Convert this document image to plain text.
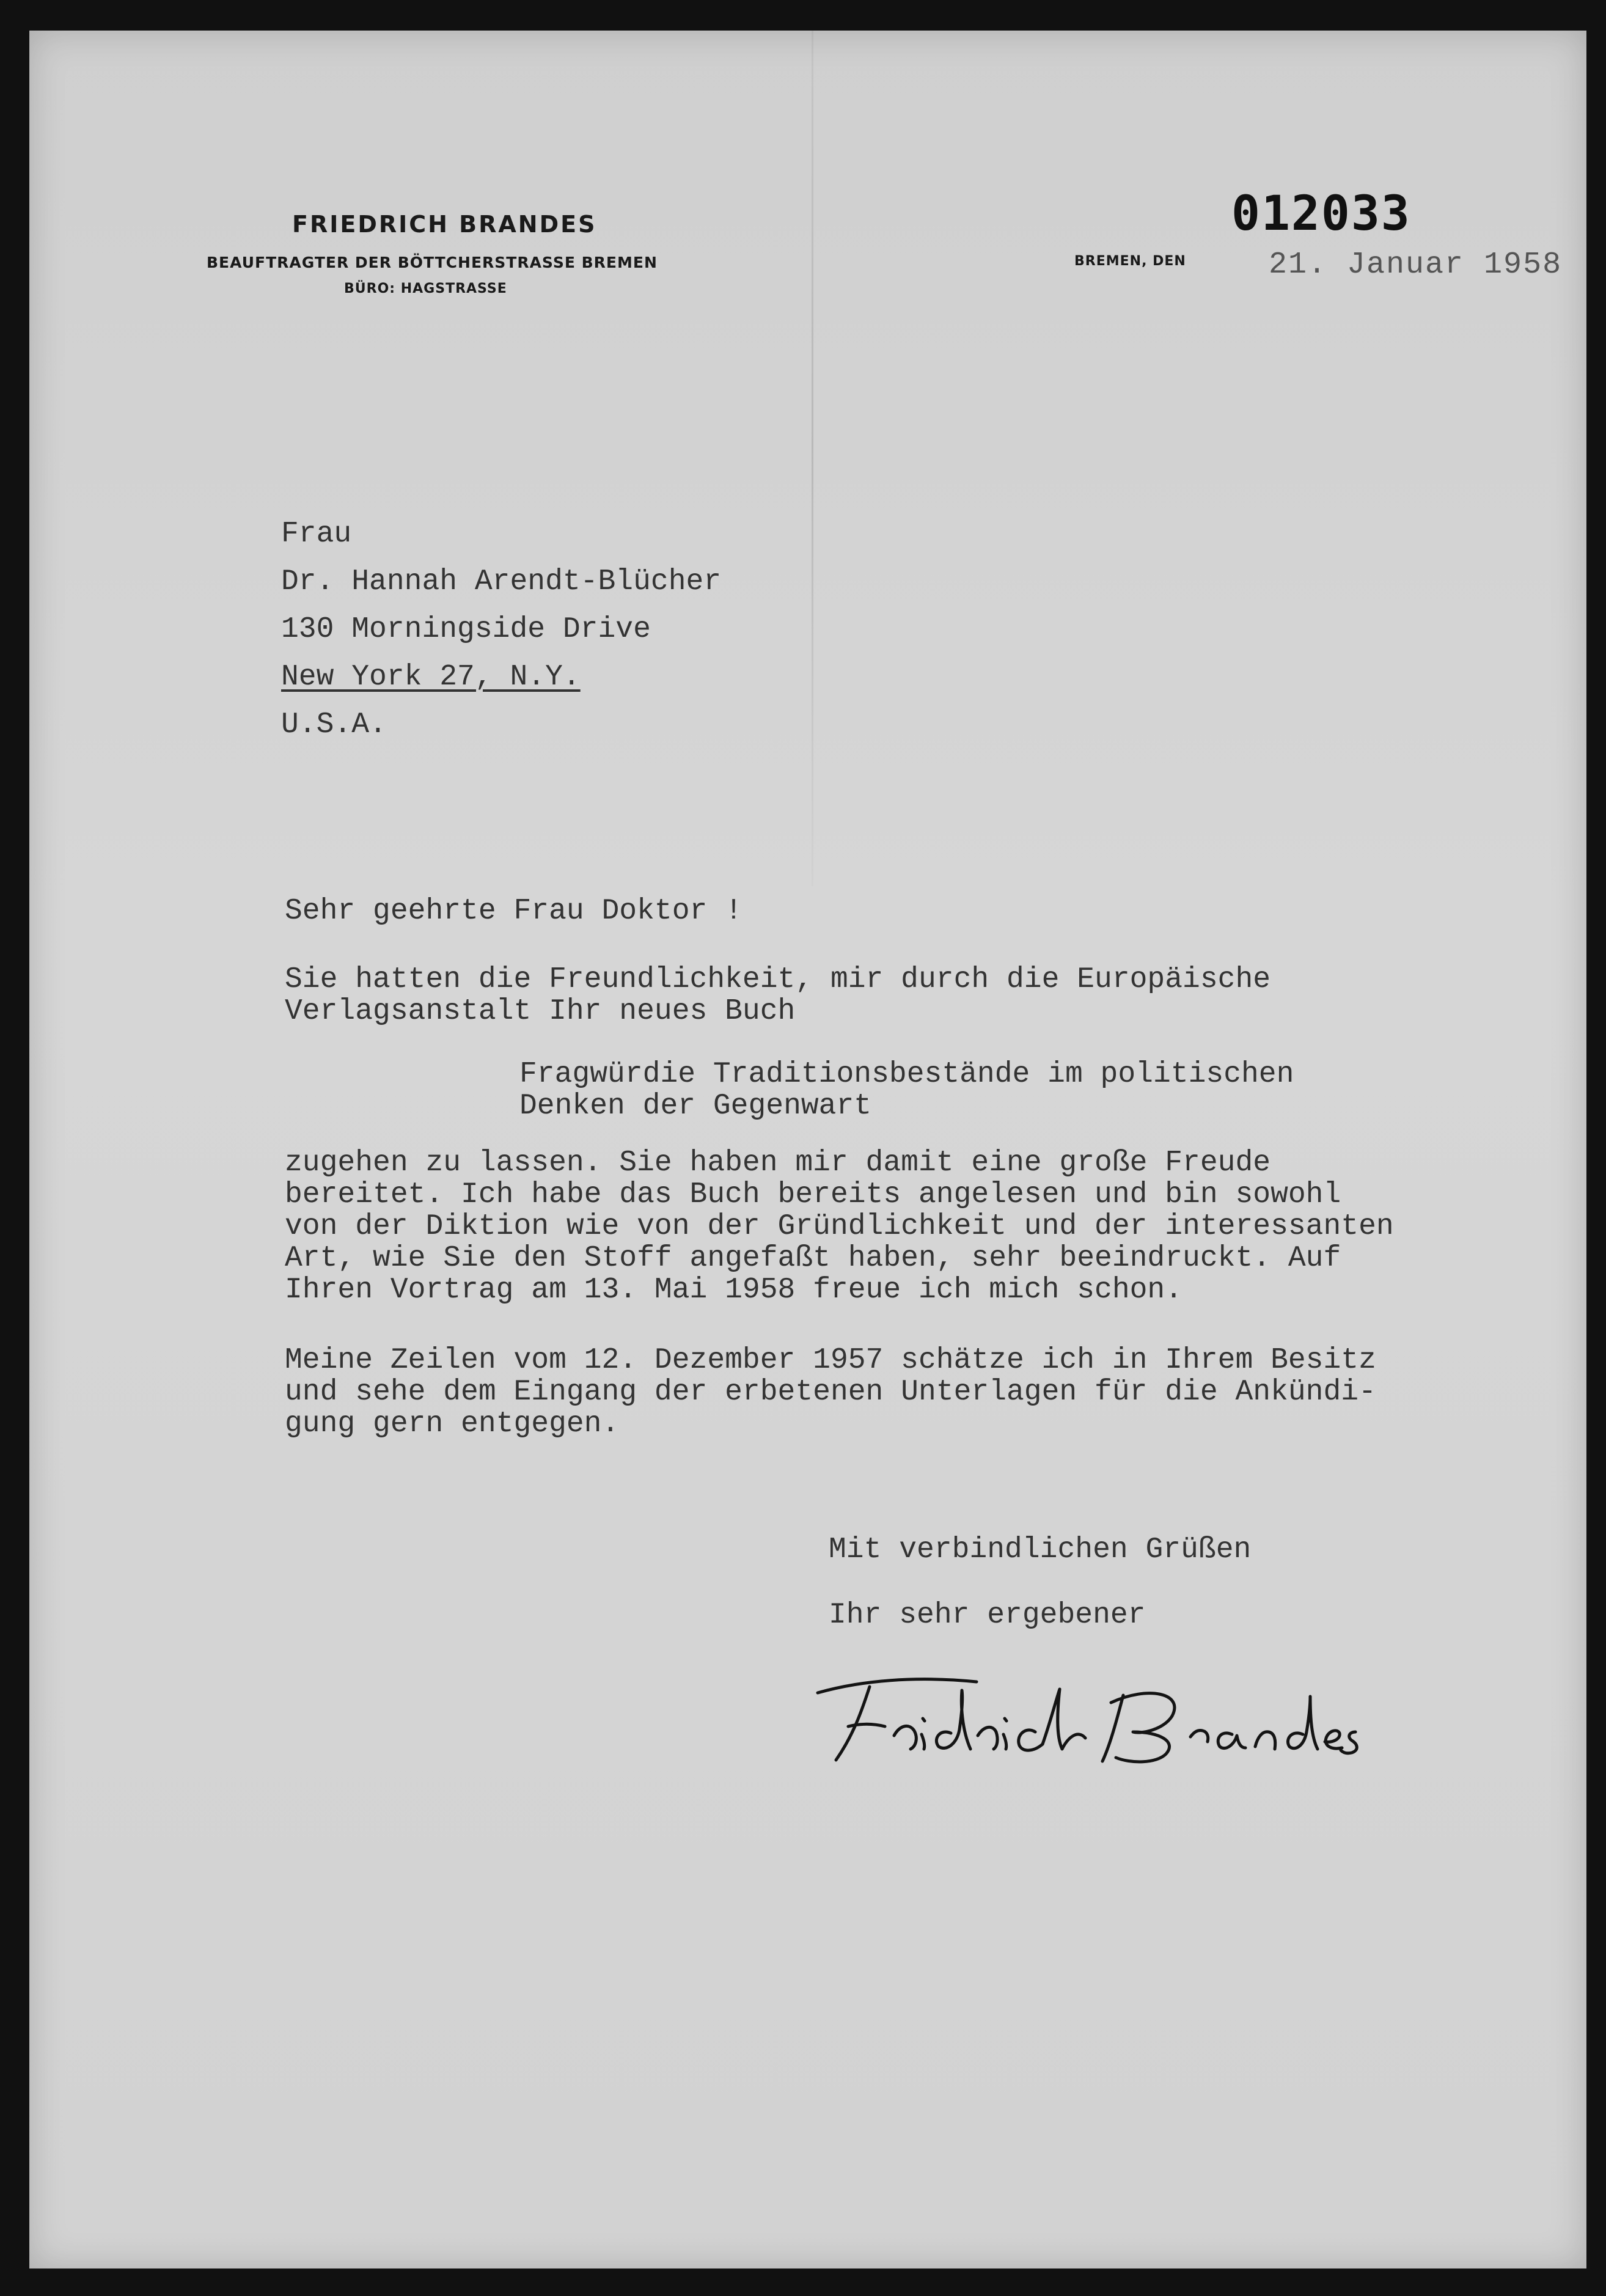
FRIEDRICH BRANDES
BEAUFTRAGTER DER BÖTTCHERSTRASSE BREMEN
BÜRO: HAGSTRASSE
BREMEN, DEN
012033
21. Januar 1958

Frau

Dr. Hannah Arendt-Blücher

130 Morningside Drive

New York 27, N.Y.

U.S.A.

Sehr geehrte Frau Doktor !

Sie hatten die Freundlichkeit, mir durch die Europäische

Verlagsanstalt Ihr neues Buch

Fragwürdie Traditionsbestände im politischen

Denken der Gegenwart

zugehen zu lassen. Sie haben mir damit eine große Freude

bereitet. Ich habe das Buch bereits angelesen und bin sowohl

von der Diktion wie von der Gründlichkeit und der interessanten

Art, wie Sie den Stoff angefaßt haben, sehr beeindruckt. Auf

Ihren Vortrag am 13. Mai 1958 freue ich mich schon.

Meine Zeilen vom 12. Dezember 1957 schätze ich in Ihrem Besitz

und sehe dem Eingang der erbetenen Unterlagen für die Ankündi-

gung gern entgegen.

Mit verbindlichen Grüßen
Ihr sehr ergebener
